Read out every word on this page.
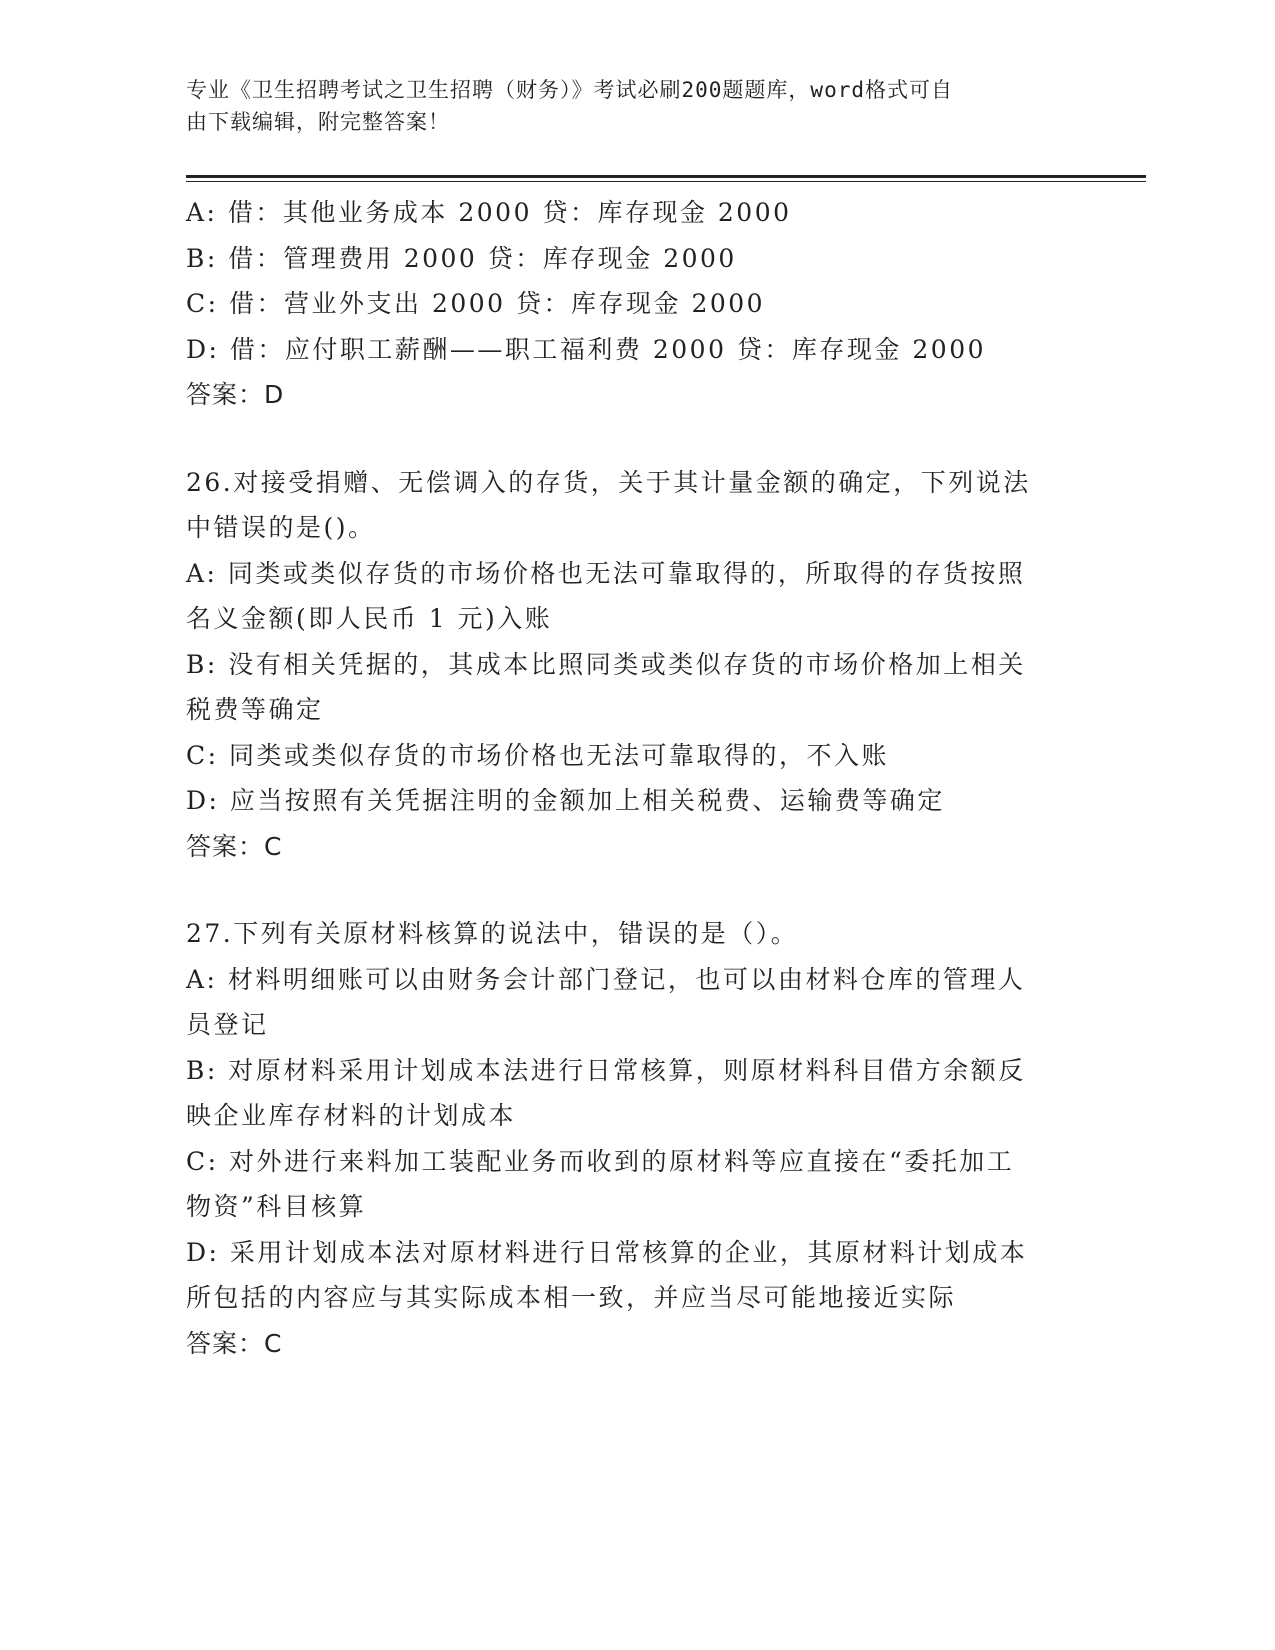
专业《卫生招聘考试之卫生招聘（财务）》考试必刷200题题库，word格式可自
由下载编辑，附完整答案！
A: 借：其他业务成本 2000 贷：库存现金 2000
B: 借：管理费用 2000 贷：库存现金 2000
C: 借：营业外支出 2000 贷：库存现金 2000
D: 借：应付职工薪酬——职工福利费 2000 贷：库存现金 2000
答案：D
26.对接受捐赠、无偿调入的存货，关于其计量金额的确定，下列说法
中错误的是()。
A: 同类或类似存货的市场价格也无法可靠取得的，所取得的存货按照
名义金额(即人民币 1 元)入账
B: 没有相关凭据的，其成本比照同类或类似存货的市场价格加上相关
税费等确定
C: 同类或类似存货的市场价格也无法可靠取得的，不入账
D: 应当按照有关凭据注明的金额加上相关税费、运输费等确定
答案：C
27.下列有关原材料核算的说法中，错误的是（）。
A: 材料明细账可以由财务会计部门登记，也可以由材料仓库的管理人
员登记
B: 对原材料采用计划成本法进行日常核算，则原材料科目借方余额反
映企业库存材料的计划成本
C: 对外进行来料加工装配业务而收到的原材料等应直接在“委托加工
物资”科目核算
D: 采用计划成本法对原材料进行日常核算的企业，其原材料计划成本
所包括的内容应与其实际成本相一致，并应当尽可能地接近实际
答案：C
